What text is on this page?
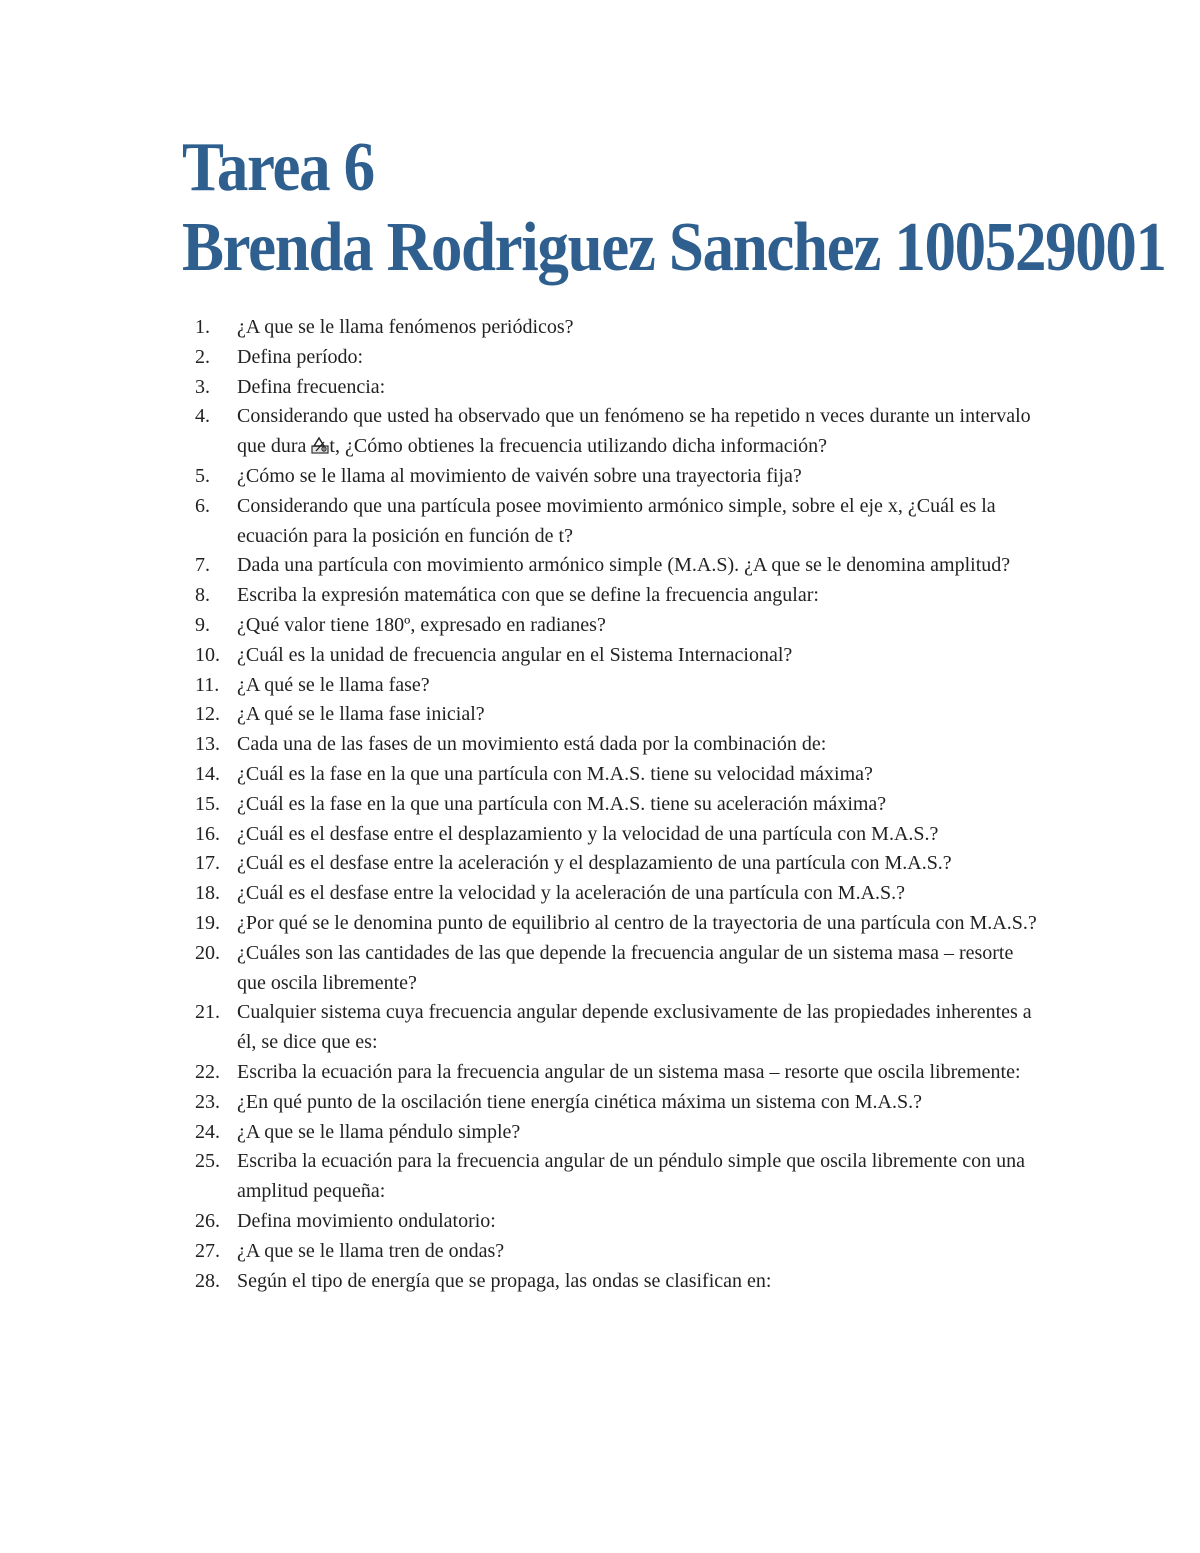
Tarea 6
Brenda Rodriguez Sanchez 100529001
1.	¿A que se le llama fenómenos periódicos?
2.	Defina período:
3.	Defina frecuencia:
4.	Considerando que usted ha observado que un fenómeno se ha repetido n veces durante un intervalo que dura t, ¿Cómo obtienes la frecuencia utilizando dicha información?
5.	¿Cómo se le llama al movimiento de vaivén sobre una trayectoria fija?
6.	Considerando que una partícula posee movimiento armónico simple, sobre el eje x, ¿Cuál es la ecuación para la posición en función de t?
7.	Dada una partícula con movimiento armónico simple (M.A.S). ¿A que se le denomina amplitud?
8.	Escriba la expresión matemática con que se define la frecuencia angular:
9.	¿Qué valor tiene 180º, expresado en radianes?
10. ¿Cuál es la unidad de frecuencia angular en el Sistema Internacional?
11. ¿A qué se le llama fase?
12. ¿A qué se le llama fase inicial?
13. Cada una de las fases de un movimiento está dada por la combinación de:
14. ¿Cuál es la fase en la que una partícula con M.A.S. tiene su velocidad máxima?
15. ¿Cuál es la fase en la que una partícula con M.A.S. tiene su aceleración máxima?
16. ¿Cuál es el desfase entre el desplazamiento y la velocidad de una partícula con M.A.S.?
17. ¿Cuál es el desfase entre la aceleración y el desplazamiento de una partícula con M.A.S.?
18. ¿Cuál es el desfase entre la velocidad y la aceleración de una partícula con M.A.S.?
19. ¿Por qué se le denomina punto de equilibrio al centro de la trayectoria de una partícula con M.A.S.?
20. ¿Cuáles son las cantidades de las que depende la frecuencia angular de un sistema masa – resorte que oscila libremente?
21. Cualquier sistema cuya frecuencia angular depende exclusivamente de las propiedades inherentes a él, se dice que es:
22. Escriba la ecuación para la frecuencia angular de un sistema masa – resorte que oscila libremente:
23. ¿En qué punto de la oscilación tiene energía cinética máxima un sistema con M.A.S.?
24. ¿A que se le llama péndulo simple?
25. Escriba la ecuación para la frecuencia angular de un péndulo simple que oscila libremente con una amplitud pequeña:
26. Defina movimiento ondulatorio:
27. ¿A que se le llama tren de ondas?
28. Según el tipo de energía que se propaga, las ondas se clasifican en:
